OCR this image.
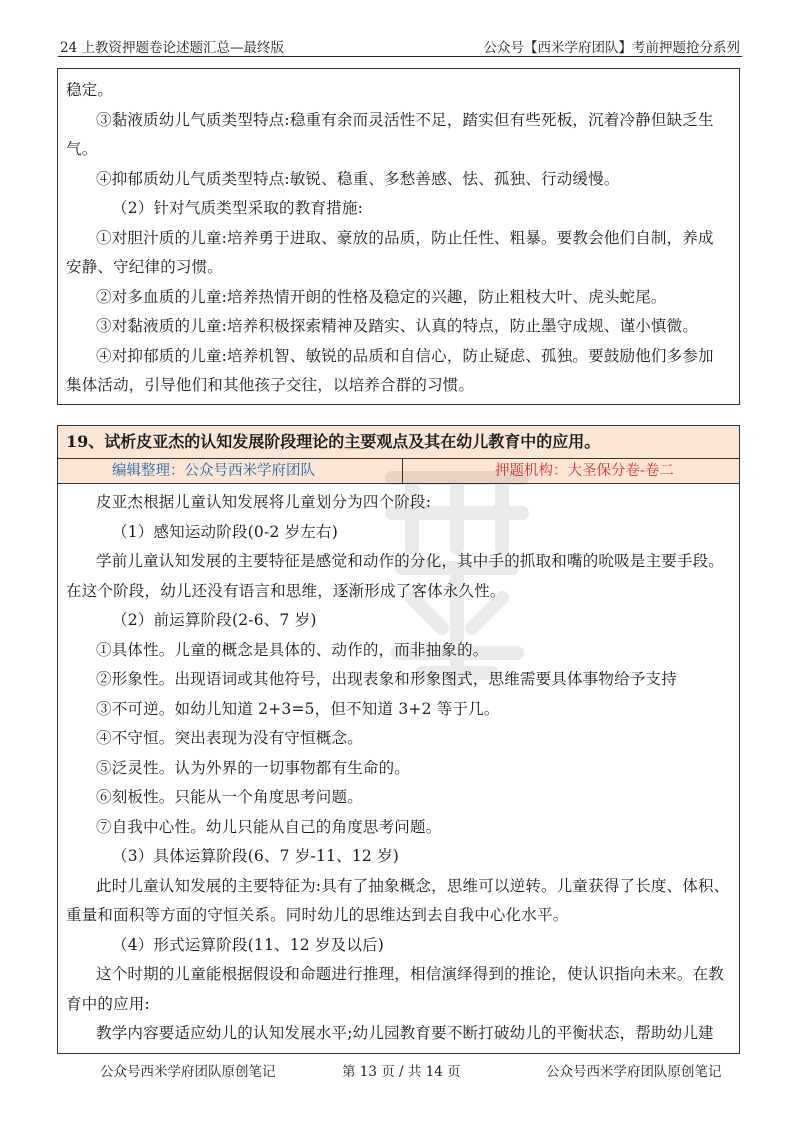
24 上教资押题卷论述题汇总—最终版	公众号【西米学府团队】考前押题抢分系列

稳定。

③黏液质幼儿气质类型特点:稳重有余而灵活性不足，踏实但有些死板，沉着冷静但缺乏生

气。

④抑郁质幼儿气质类型特点:敏锐、稳重、多愁善感、怯、孤独、行动缓慢。

（2）针对气质类型采取的教育措施:

①对胆汁质的儿童:培养勇于进取、豪放的品质，防止任性、粗暴。要教会他们自制，养成

安静、守纪律的习惯。

②对多血质的儿童:培养热情开朗的性格及稳定的兴趣，防止粗枝大叶、虎头蛇尾。

③对黏液质的儿童:培养积极探索精神及踏实、认真的特点，防止墨守成规、谨小慎微。

④对抑郁质的儿童:培养机智、敏锐的品质和自信心，防止疑虑、孤独。要鼓励他们多参加

集体活动，引导他们和其他孩子交往，以培养合群的习惯。

19、试析皮亚杰的认知发展阶段理论的主要观点及其在幼儿教育中的应用。
编辑整理：公众号西米学府团队	押题机构：大圣保分卷-卷二

皮亚杰根据儿童认知发展将儿童划分为四个阶段:

（1）感知运动阶段(0-2 岁左右)

学前儿童认知发展的主要特征是感觉和动作的分化，其中手的抓取和嘴的吮吸是主要手段。

在这个阶段，幼儿还没有语言和思维，逐渐形成了客体永久性。

（2）前运算阶段(2-6、7 岁)

①具体性。儿童的概念是具体的、动作的，而非抽象的。

②形象性。出现语词或其他符号，出现表象和形象图式，思维需要具体事物给予支持

③不可逆。如幼儿知道 2+3=5，但不知道 3+2 等于几。

④不守恒。突出表现为没有守恒概念。

⑤泛灵性。认为外界的一切事物都有生命的。

⑥刻板性。只能从一个角度思考问题。

⑦自我中心性。幼儿只能从自己的角度思考问题。

（3）具体运算阶段(6、7 岁-11、12 岁)

此时儿童认知发展的主要特征为:具有了抽象概念，思维可以逆转。儿童获得了长度、体积、

重量和面积等方面的守恒关系。同时幼儿的思维达到去自我中心化水平。

（4）形式运算阶段(11、12 岁及以后)

这个时期的儿童能根据假设和命题进行推理，相信演绎得到的推论，使认识指向未来。在教

育中的应用:

教学内容要适应幼儿的认知发展水平;幼儿园教育要不断打破幼儿的平衡状态，帮助幼儿建

公众号西米学府团队原创笔记	第 13 页 / 共 14 页	公众号西米学府团队原创笔记
